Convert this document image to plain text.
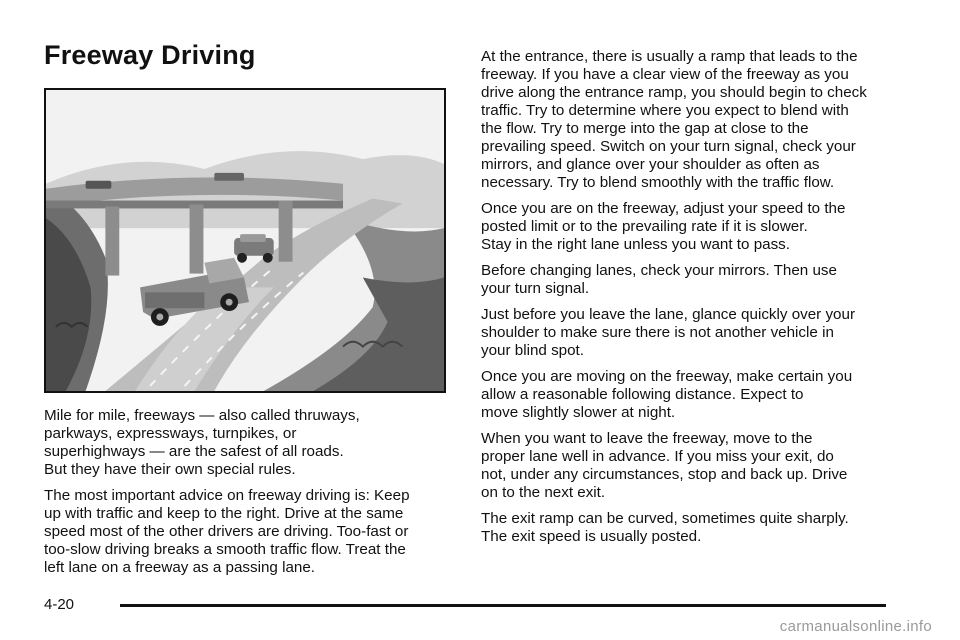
Freeway Driving

Mile for mile, freeways — also called thruways,
parkways, expressways, turnpikes, or
superhighways — are the safest of all roads.
But they have their own special rules.

The most important advice on freeway driving is: Keep
up with traffic and keep to the right. Drive at the same
speed most of the other drivers are driving. Too-fast or
too-slow driving breaks a smooth traffic flow. Treat the
left lane on a freeway as a passing lane.

At the entrance, there is usually a ramp that leads to the
freeway. If you have a clear view of the freeway as you
drive along the entrance ramp, you should begin to check
traffic. Try to determine where you expect to blend with
the flow. Try to merge into the gap at close to the
prevailing speed. Switch on your turn signal, check your
mirrors, and glance over your shoulder as often as
necessary. Try to blend smoothly with the traffic flow.

Once you are on the freeway, adjust your speed to the
posted limit or to the prevailing rate if it is slower.
Stay in the right lane unless you want to pass.

Before changing lanes, check your mirrors. Then use
your turn signal.

Just before you leave the lane, glance quickly over your
shoulder to make sure there is not another vehicle in
your blind spot.

Once you are moving on the freeway, make certain you
allow a reasonable following distance. Expect to
move slightly slower at night.

When you want to leave the freeway, move to the
proper lane well in advance. If you miss your exit, do
not, under any circumstances, stop and back up. Drive
on to the next exit.

The exit ramp can be curved, sometimes quite sharply.
The exit speed is usually posted.

4-20
carmanualsonline.info
